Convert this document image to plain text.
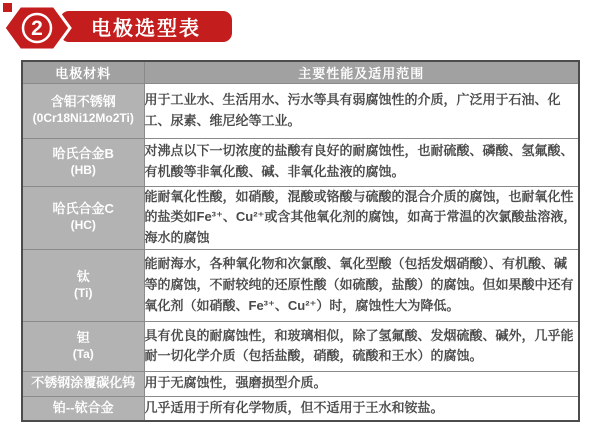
电极选型表
2
电极材料	主要性能及适用范围
含钼不锈钢
(0Cr18Ni12Mo2Ti)	用于工业水、生活用水、污水等具有弱腐蚀性的介质，广泛用于石油、化工、尿素、维尼纶等工业。
哈氏合金B
(HB)	对沸点以下一切浓度的盐酸有良好的耐腐蚀性，也耐硫酸、磷酸、氢氟酸、有机酸等非氧化酸、碱、非氧化盐液的腐蚀。
哈氏合金C
(HC)	能耐氧化性酸，如硝酸，混酸或铬酸与硫酸的混合介质的腐蚀，也耐氧化性的盐类如Fe³⁺、Cu²⁺或含其他氧化剂的腐蚀，如高于常温的次氯酸盐溶液，海水的腐蚀
钛
(Ti)	能耐海水，各种氧化物和次氯酸、氧化型酸（包括发烟硝酸）、有机酸、碱等的腐蚀，不耐较纯的还原性酸（如硫酸，盐酸）的腐蚀。但如果酸中还有氧化剂（如硝酸、Fe³⁺、Cu²⁺）时，腐蚀性大为降低。
钽
(Ta)	具有优良的耐腐蚀性，和玻璃相似，除了氢氟酸、发烟硫酸、碱外，几乎能耐一切化学介质（包括盐酸，硝酸，硫酸和王水）的腐蚀。
不锈钢涂覆碳化钨	用于无腐蚀性，强磨损型介质。
铂--铱合金	几乎适用于所有化学物质，但不适用于王水和铵盐。
